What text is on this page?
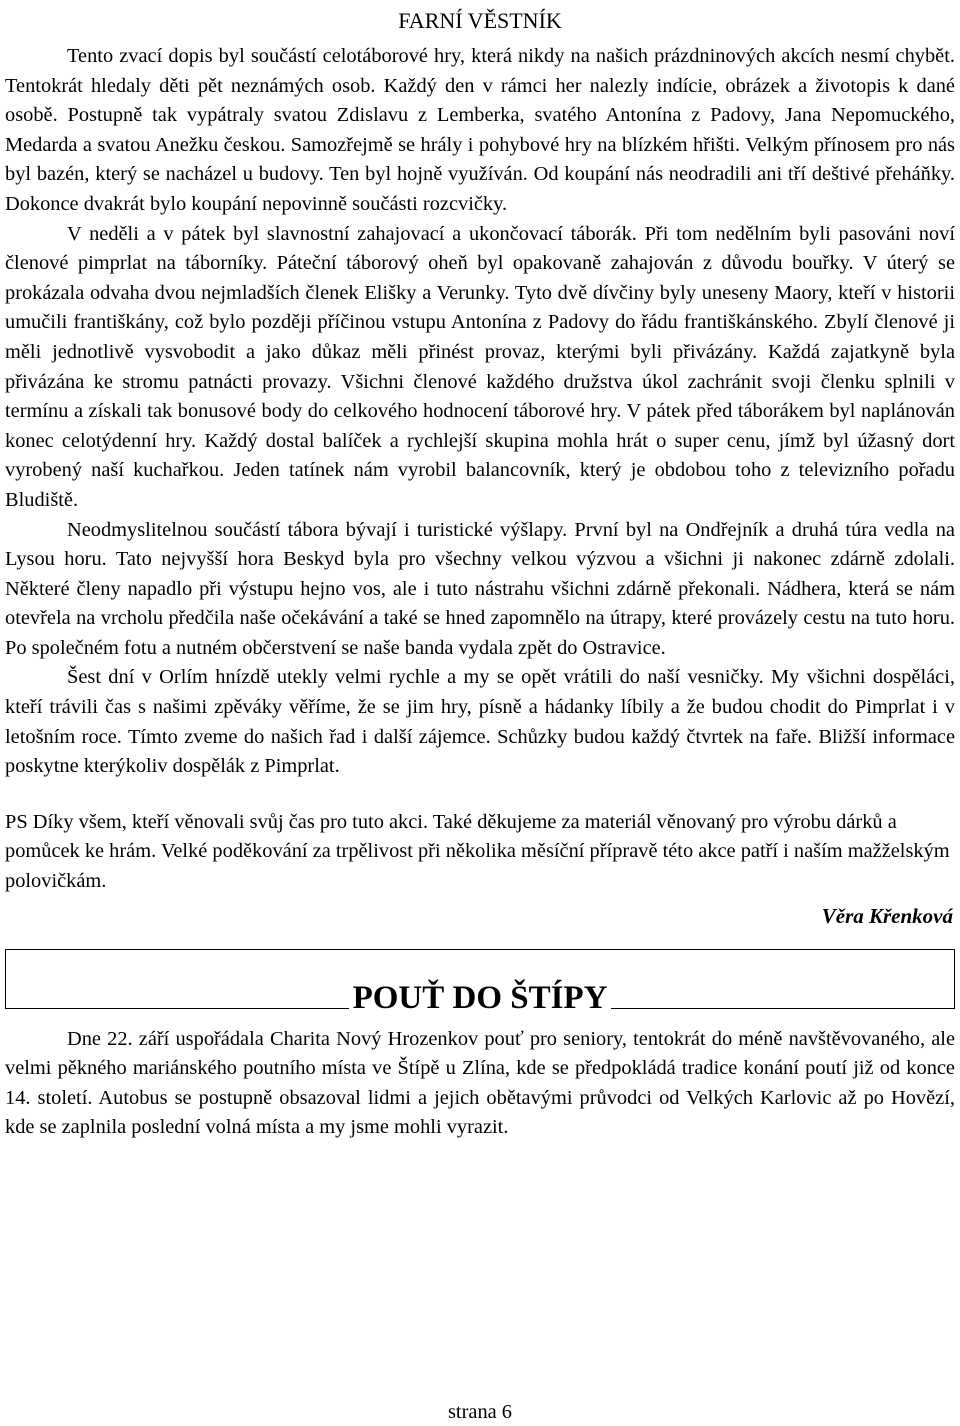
FARNÍ VĚSTNÍK

Tento zvací dopis byl součástí celotáborové hry, která nikdy na našich prázdninových akcích nesmí chybět. Tentokrát hledaly děti pět neznámých osob. Každý den v rámci her nalezly indície, obrázek a životopis k dané osobě. Postupně tak vypátraly svatou Zdislavu z Lemberka, svatého Antonína z Padovy, Jana Nepomuckého, Medarda a svatou Anežku českou. Samozřejmě se hrály i pohybové hry na blízkém hřišti. Velkým přínosem pro nás byl bazén, který se nacházel u budovy. Ten byl hojně využíván. Od koupání nás neodradili ani tří deštivé přeháňky. Dokonce dvakrát bylo koupání nepovinně součásti rozcvičky.

V neděli a v pátek byl slavnostní zahajovací a ukončovací táborák. Při tom nedělním byli pasováni noví členové pimprlat na táborníky. Páteční táborový oheň byl opakovaně zahajován z důvodu bouřky. V úterý se prokázala odvaha dvou nejmladších členek Elišky a Verunky. Tyto dvě dívčiny byly uneseny Maory, kteří v historii umučili františkány, což bylo později příčinou vstupu Antonína z Padovy do řádu františkánského. Zbylí členové ji měli jednotlivě vysvobodit a jako důkaz měli přinést provaz, kterými byli přivázány. Každá zajatkyně byla přivázána ke stromu patnácti provazy. Všichni členové každého družstva úkol zachránit svoji členku splnili v termínu a získali tak bonusové body do celkového hodnocení táborové hry. V pátek před táborákem byl naplánován konec celotýdenní hry. Každý dostal balíček a rychlejší skupina mohla hrát o super cenu, jímž byl úžasný dort vyrobený naší kuchařkou. Jeden tatínek nám vyrobil balancovník, který je obdobou toho z televizního pořadu Bludiště.

Neodmyslitelnou součástí tábora bývají i turistické výšlapy. První byl na Ondřejník a druhá túra vedla na Lysou horu. Tato nejvyšší hora Beskyd byla pro všechny velkou výzvou a všichni ji nakonec zdárně zdolali. Některé členy napadlo při výstupu hejno vos, ale i tuto nástrahu všichni zdárně překonali. Nádhera, která se nám otevřela na vrcholu předčila naše očekávání a také se hned zapomnělo na útrapy, které provázely cestu na tuto horu. Po společném fotu a nutném občerstvení se naše banda vydala zpět do Ostravice.

Šest dní v Orlím hnízdě utekly velmi rychle a my se opět vrátili do naší vesničky. My všichni dospěláci, kteří trávili čas s našimi zpěváky věříme, že se jim hry, písně a hádanky líbily a že budou chodit do Pimprlat i v letošním roce. Tímto zveme do našich řad i další zájemce. Schůzky budou každý čtvrtek na faře. Bližší informace poskytne kterýkoliv dospělák z Pimprlat.

PS Díky všem, kteří věnovali svůj čas pro tuto akci. Také děkujeme za materiál věnovaný pro výrobu dárků a pomůcek ke hrám. Velké poděkování za trpělivost při několika měsíční přípravě této akce patří i naším mažželským polovičkám.

Věra Křenková
POUŤ DO ŠTÍPY

Dne 22. září uspořádala Charita Nový Hrozenkov pouť pro seniory, tentokrát do méně navštěvovaného, ale velmi pěkného mariánského poutního místa ve Štípě u Zlína, kde se předpokládá tradice konání poutí již od konce 14. století. Autobus se postupně obsazoval lidmi a jejich obětavými průvodci od Velkých Karlovic až po Hovězí, kde se zaplnila poslední volná místa a my jsme mohli vyrazit.

strana 6
